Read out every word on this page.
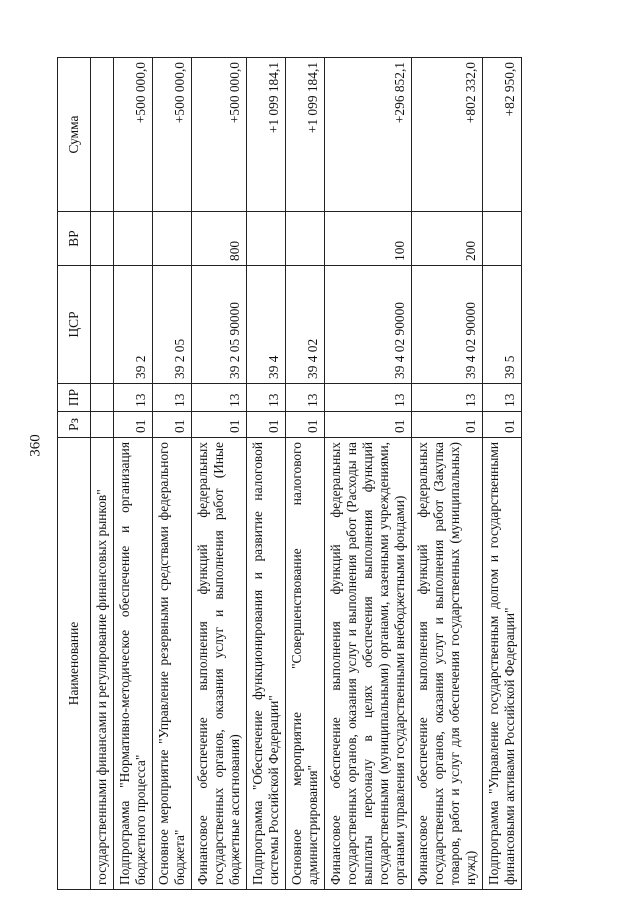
360
Наименование	Рз	ПР	ЦСР	ВР	Сумма
государственными финансами и регулирование финансовых рынков"					
Подпрограмма "Нормативно-методическое обеспечение и организация бюджетного процесса"	01	13	39 2		+500 000,0
Основное мероприятие "Управление резервными средствами федерального бюджета"	01	13	39 2 05		+500 000,0
Финансовое обеспечение выполнения функций федеральных государственных органов, оказания услуг и выполнения работ (Иные бюджетные ассигнования)	01	13	39 2 05 90000	800	+500 000,0
Подпрограмма "Обеспечение функционирования и развитие налоговой системы Российской Федерации"	01	13	39 4		+1 099 184,1
Основное мероприятие "Совершенствование налогового администрирования"	01	13	39 4 02		+1 099 184,1
Финансовое обеспечение выполнения функций федеральных государственных органов, оказания услуг и выполнения работ (Расходы на выплаты персоналу в целях обеспечения выполнения функций государственными (муниципальными) органами, казенными учреждениями, органами управления государственными внебюджетными фондами)	01	13	39 4 02 90000	100	+296 852,1
Финансовое обеспечение выполнения функций федеральных государственных органов, оказания услуг и выполнения работ (Закупка товаров, работ и услуг для обеспечения государственных (муниципальных) нужд)	01	13	39 4 02 90000	200	+802 332,0
Подпрограмма "Управление государственным долгом и государственными финансовыми активами Российской Федерации"	01	13	39 5		+82 950,0
